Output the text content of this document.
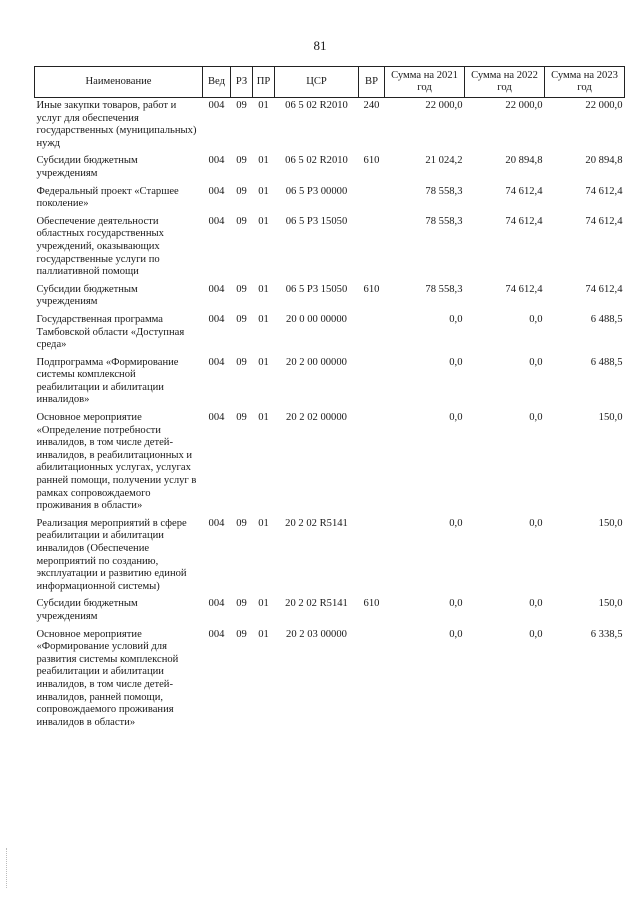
81
Наименование	Вед	РЗ	ПР	ЦСР	ВР	Сумма на 2021 год	Сумма на 2022 год	Сумма на 2023 год
Иные закупки товаров, работ и услуг для обеспечения государственных (муниципальных) нужд	004	09	01	06 5 02 R2010	240	22 000,0	22 000,0	22 000,0
Субсидии бюджетным учреждениям	004	09	01	06 5 02 R2010	610	21 024,2	20 894,8	20 894,8
Федеральный проект «Старшее поколение»	004	09	01	06 5 P3 00000		78 558,3	74 612,4	74 612,4
Обеспечение деятельности областных государственных учреждений, оказывающих государственные услуги по паллиативной помощи	004	09	01	06 5 P3 15050		78 558,3	74 612,4	74 612,4
Субсидии бюджетным учреждениям	004	09	01	06 5 P3 15050	610	78 558,3	74 612,4	74 612,4
Государственная программа Тамбовской области «Доступная среда»	004	09	01	20 0 00 00000		0,0	0,0	6 488,5
Подпрограмма «Формирование системы комплексной реабилитации и абилитации инвалидов»	004	09	01	20 2 00 00000		0,0	0,0	6 488,5
Основное мероприятие «Определение потребности инвалидов, в том числе детей-инвалидов, в реабилитационных и абилитационных услугах, услугах ранней помощи, получении услуг в рамках сопровождаемого проживания в области»	004	09	01	20 2 02 00000		0,0	0,0	150,0
Реализация мероприятий в сфере реабилитации и абилитации инвалидов (Обеспечение мероприятий по созданию, эксплуатации и развитию единой информационной системы)	004	09	01	20 2 02 R5141		0,0	0,0	150,0
Субсидии бюджетным учреждениям	004	09	01	20 2 02 R5141	610	0,0	0,0	150,0
Основное мероприятие «Формирование условий для развития системы комплексной реабилитации и абилитации инвалидов, в том числе детей-инвалидов, ранней помощи, сопровождаемого проживания инвалидов в области»	004	09	01	20 2 03 00000		0,0	0,0	6 338,5
